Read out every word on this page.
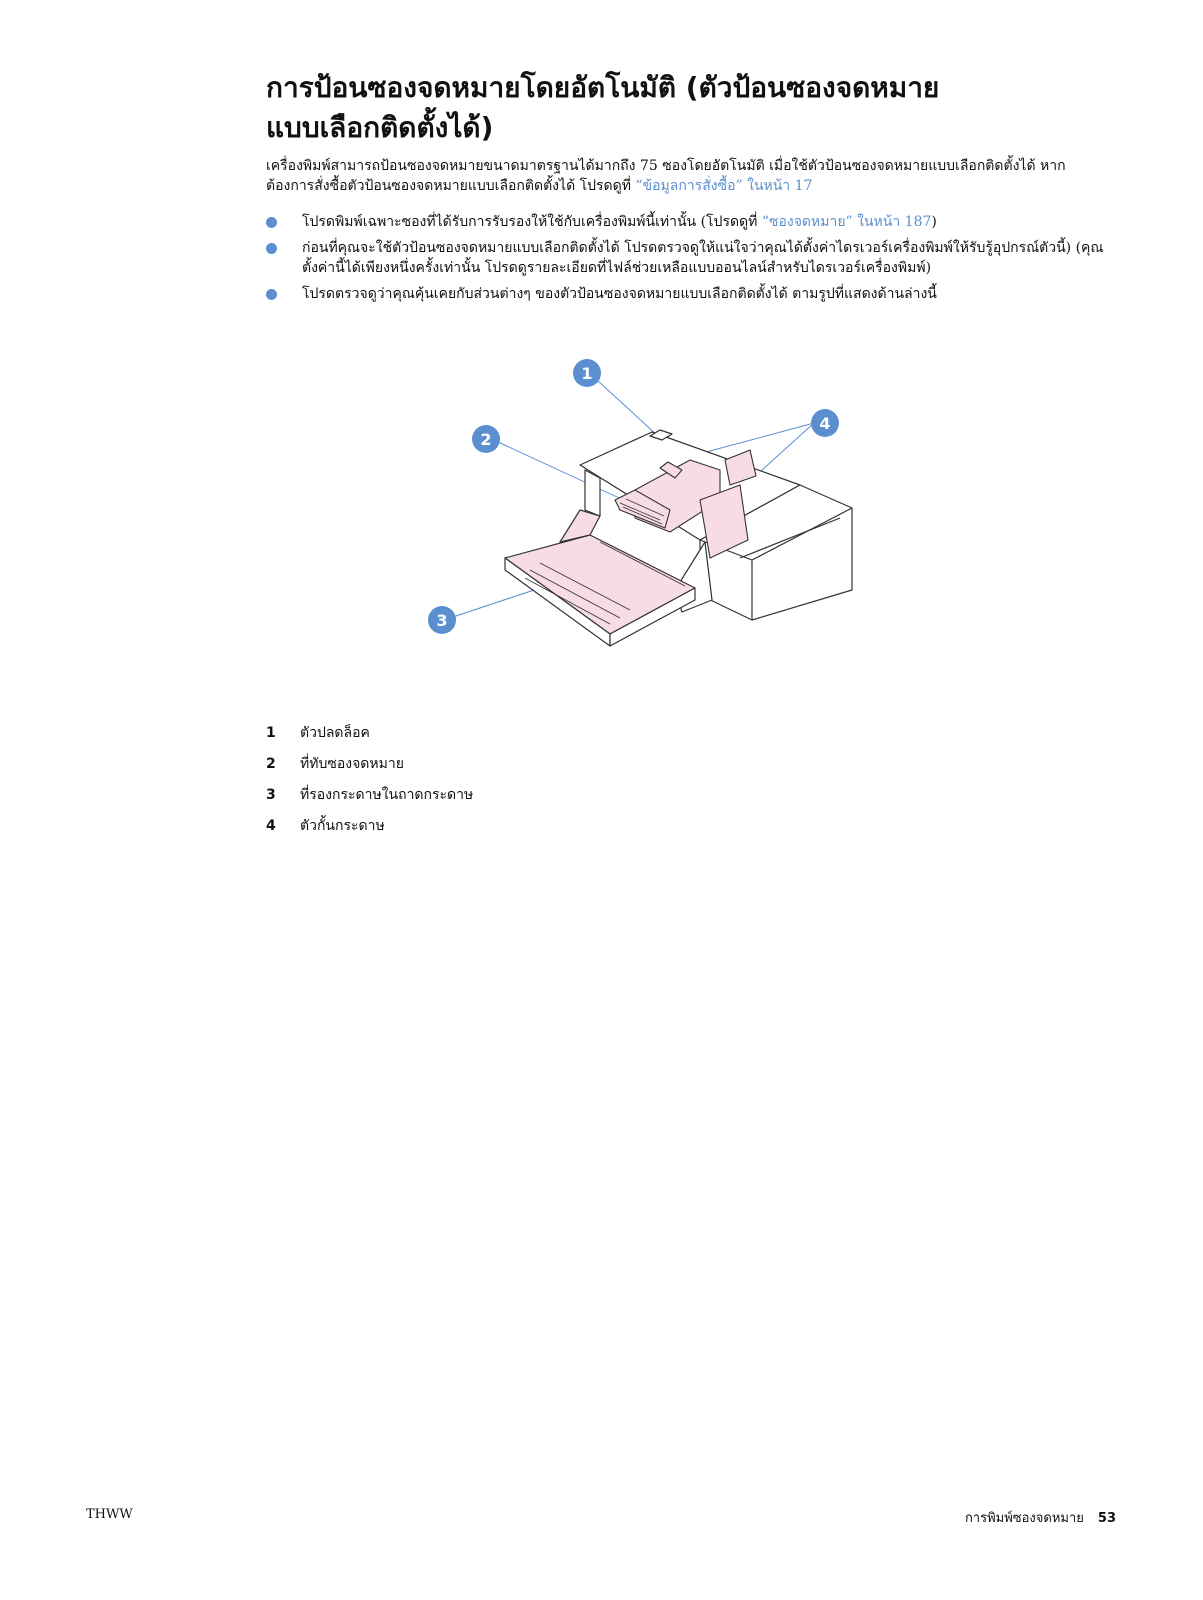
การป้อนซองจดหมายโดยอัตโนมัติ (ตัวป้อนซองจดหมาย
แบบเลือกติดตั้งได้)

เครื่องพิมพ์สามารถป้อนซองจดหมายขนาดมาตรฐานได้มากถึง 75 ซองโดยอัตโนมัติ เมื่อใช้ตัวป้อนซองจดหมายแบบเลือกติดตั้งได้ หากต้องการสั่งซื้อตัวป้อนซองจดหมายแบบเลือกติดตั้งได้ โปรดดูที่ “ข้อมูลการสั่งซื้อ” ในหน้า 17

โปรดพิมพ์เฉพาะซองที่ได้รับการรับรองให้ใช้กับเครื่องพิมพ์นี้เท่านั้น (โปรดดูที่ “ซองจดหมาย” ในหน้า 187)
ก่อนที่คุณจะใช้ตัวป้อนซองจดหมายแบบเลือกติดตั้งได้ โปรดตรวจดูให้แน่ใจว่าคุณได้ตั้งค่าไดรเวอร์เครื่องพิมพ์ให้รับรู้อุปกรณ์ตัวนี้) (คุณตั้งค่านี้ได้เพียงหนึ่งครั้งเท่านั้น โปรดดูรายละเอียดที่ไฟล์ช่วยเหลือแบบออนไลน์สำหรับไดรเวอร์เครื่องพิมพ์)
โปรดตรวจดูว่าคุณคุ้นเคยกับส่วนต่างๆ ของตัวป้อนซองจดหมายแบบเลือกติดตั้งได้ ตามรูปที่แสดงด้านล่างนี้
1
2
3
4
1	ตัวปลดล็อค
2	ที่ทับซองจดหมาย
3	ที่รองกระดาษในถาดกระดาษ
4	ตัวกั้นกระดาษ
THWW	การพิมพ์ซองจดหมาย 53
